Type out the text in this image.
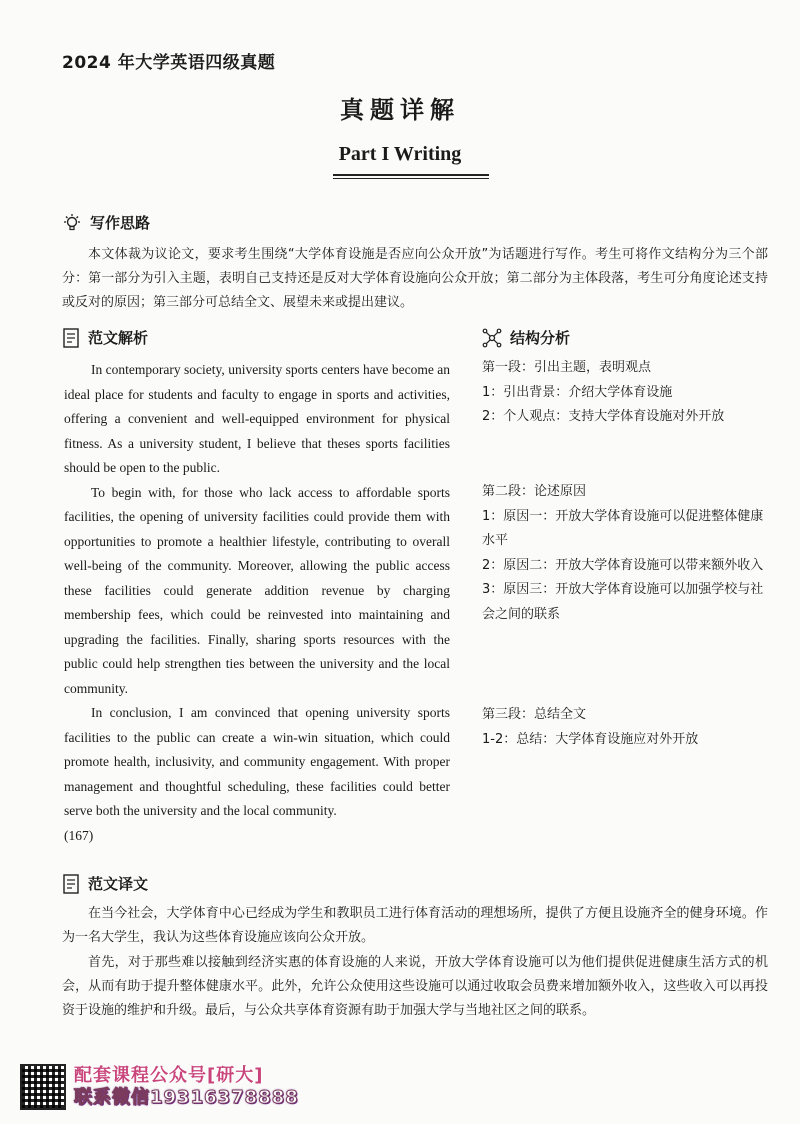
2024 年大学英语四级真题
真题详解
Part I Writing
写作思路
本文体裁为议论文，要求考生围绕“大学体育设施是否应向公众开放”为话题进行写作。考生可将作文结构分为三个部分：第一部分为引入主题，表明自己支持还是反对大学体育设施向公众开放；第二部分为主体段落，考生可分角度论述支持或反对的原因；第三部分可总结全文、展望未来或提出建议。
范文解析

In contemporary society, university sports centers have become an ideal place for students and faculty to engage in sports and activities, offering a convenient and well-equipped environment for physical fitness. As a university student, I believe that theses sports facilities should be open to the public.

To begin with, for those who lack access to affordable sports facilities, the opening of university facilities could provide them with opportunities to promote a healthier lifestyle, contributing to overall well-being of the community. Moreover, allowing the public access these facilities could generate addition revenue by charging membership fees, which could be reinvested into maintaining and upgrading the facilities. Finally, sharing sports resources with the public could help strengthen ties between the university and the local community.

In conclusion, I am convinced that opening university sports facilities to the public can create a win-win situation, which could promote health, inclusivity, and community engagement. With proper management and thoughtful scheduling, these facilities could better serve both the university and the local community.

(167)

结构分析
第一段：引出主题，表明观点
1：引出背景：介绍大学体育设施
2：个人观点：支持大学体育设施对外开放
第二段：论述原因
1：原因一：开放大学体育设施可以促进整体健康水平
2：原因二：开放大学体育设施可以带来额外收入
3：原因三：开放大学体育设施可以加强学校与社会之间的联系
第三段：总结全文
1-2：总结：大学体育设施应对外开放
范文译文
在当今社会，大学体育中心已经成为学生和教职员工进行体育活动的理想场所，提供了方便且设施齐全的健身环境。作为一名大学生，我认为这些体育设施应该向公众开放。
首先，对于那些难以接触到经济实惠的体育设施的人来说，开放大学体育设施可以为他们提供促进健康生活方式的机会，从而有助于提升整体健康水平。此外，允许公众使用这些设施可以通过收取会员费来增加额外收入，这些收入可以再投资于设施的维护和升级。最后，与公众共享体育资源有助于加强大学与当地社区之间的联系。
配套课程公众号[研大]
联系微信19316378888
